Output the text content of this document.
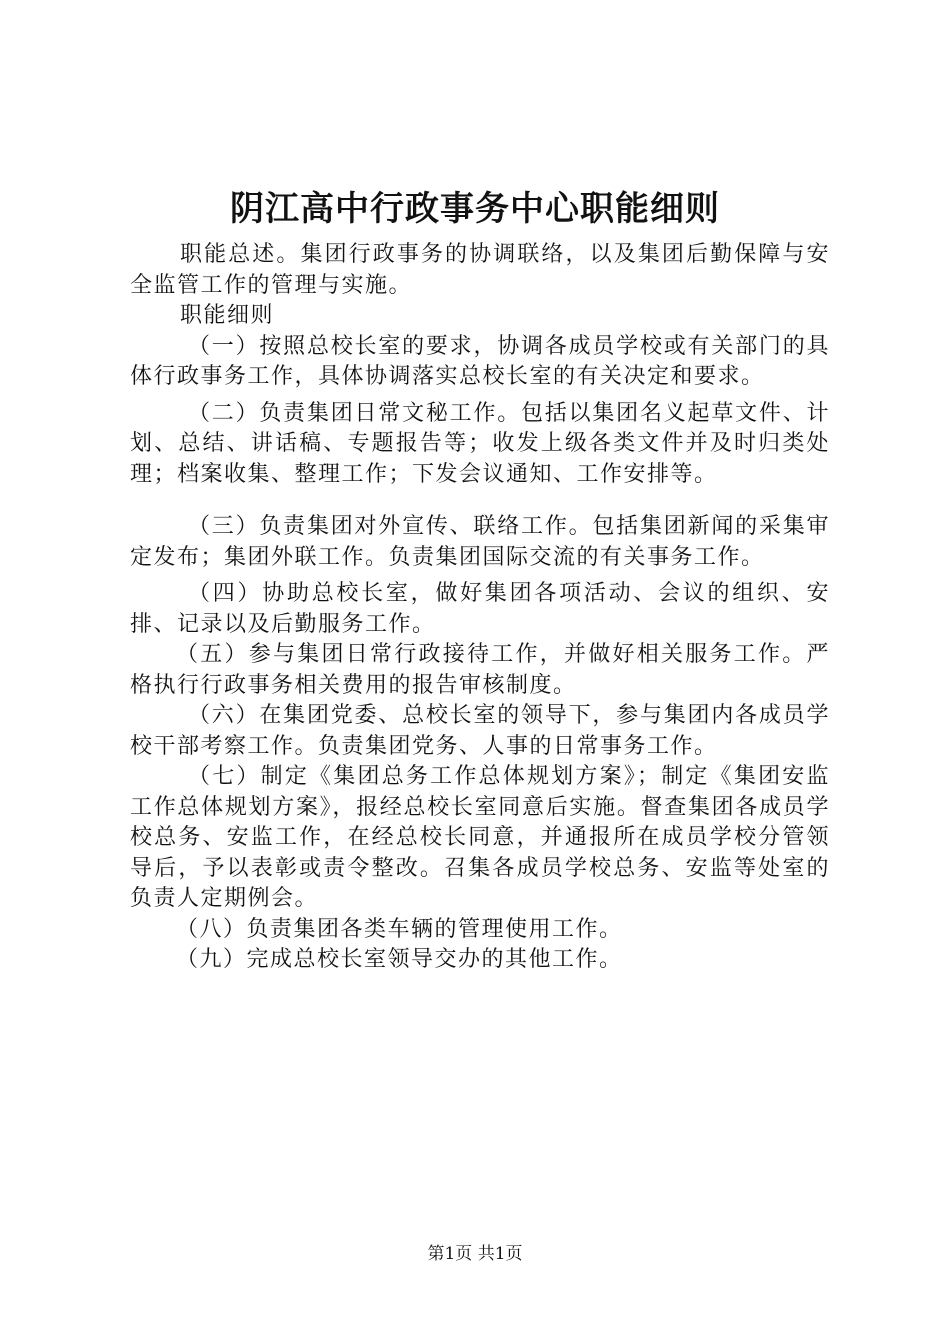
阴江高中行政事务中心职能细则

职能总述。集团行政事务的协调联络，以及集团后勤保障与安全监管工作的管理与实施。

职能细则

（一）按照总校长室的要求，协调各成员学校或有关部门的具体行政事务工作，具体协调落实总校长室的有关决定和要求。

（二）负责集团日常文秘工作。包括以集团名义起草文件、计划、总结、讲话稿、专题报告等；收发上级各类文件并及时归类处理；档案收集、整理工作；下发会议通知、工作安排等。

（三）负责集团对外宣传、联络工作。包括集团新闻的采集审定发布；集团外联工作。负责集团国际交流的有关事务工作。

（四）协助总校长室，做好集团各项活动、会议的组织、安排、记录以及后勤服务工作。

（五）参与集团日常行政接待工作，并做好相关服务工作。严格执行行政事务相关费用的报告审核制度。

（六）在集团党委、总校长室的领导下，参与集团内各成员学校干部考察工作。负责集团党务、人事的日常事务工作。

（七）制定《集团总务工作总体规划方案》；制定《集团安监工作总体规划方案》，报经总校长室同意后实施。督查集团各成员学校总务、安监工作，在经总校长同意，并通报所在成员学校分管领导后，予以表彰或责令整改。召集各成员学校总务、安监等处室的负责人定期例会。

（八）负责集团各类车辆的管理使用工作。

（九）完成总校长室领导交办的其他工作。

第1页 共1页
